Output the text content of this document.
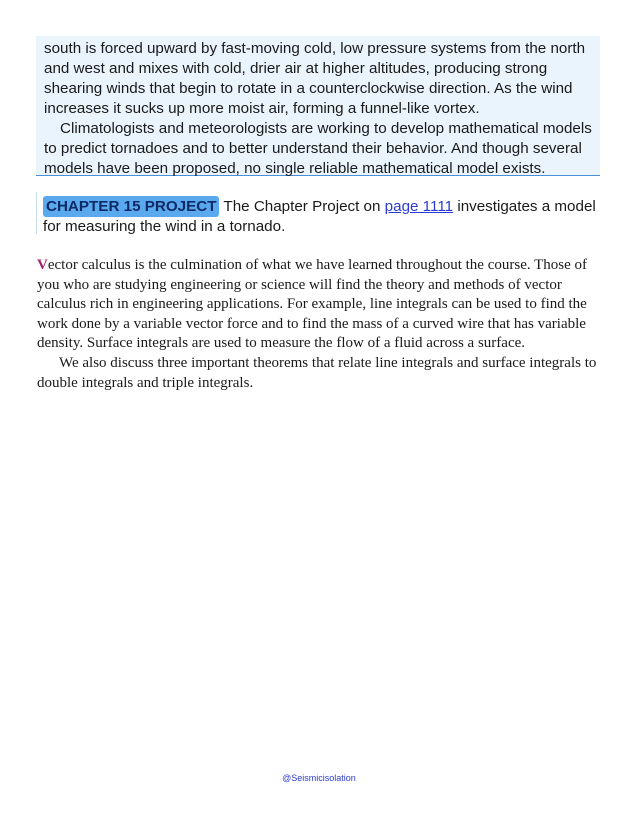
south is forced upward by fast-moving cold, low pressure systems from the north and west and mixes with cold, drier air at higher altitudes, producing strong shearing winds that begin to rotate in a counterclockwise direction. As the wind increases it sucks up more moist air, forming a funnel-like vortex.

Climatologists and meteorologists are working to develop mathematical models to predict tornadoes and to better understand their behavior. And though several models have been proposed, no single reliable mathematical model exists.

CHAPTER 15 PROJECT The Chapter Project on page 1111 investigates a model for measuring the wind in a tornado.

Vector calculus is the culmination of what we have learned throughout the course. Those of you who are studying engineering or science will find the theory and methods of vector calculus rich in engineering applications. For example, line integrals can be used to find the work done by a variable vector force and to find the mass of a curved wire that has variable density. Surface integrals are used to measure the flow of a fluid across a surface.

We also discuss three important theorems that relate line integrals and surface integrals to double integrals and triple integrals.

@Seismicisolation
